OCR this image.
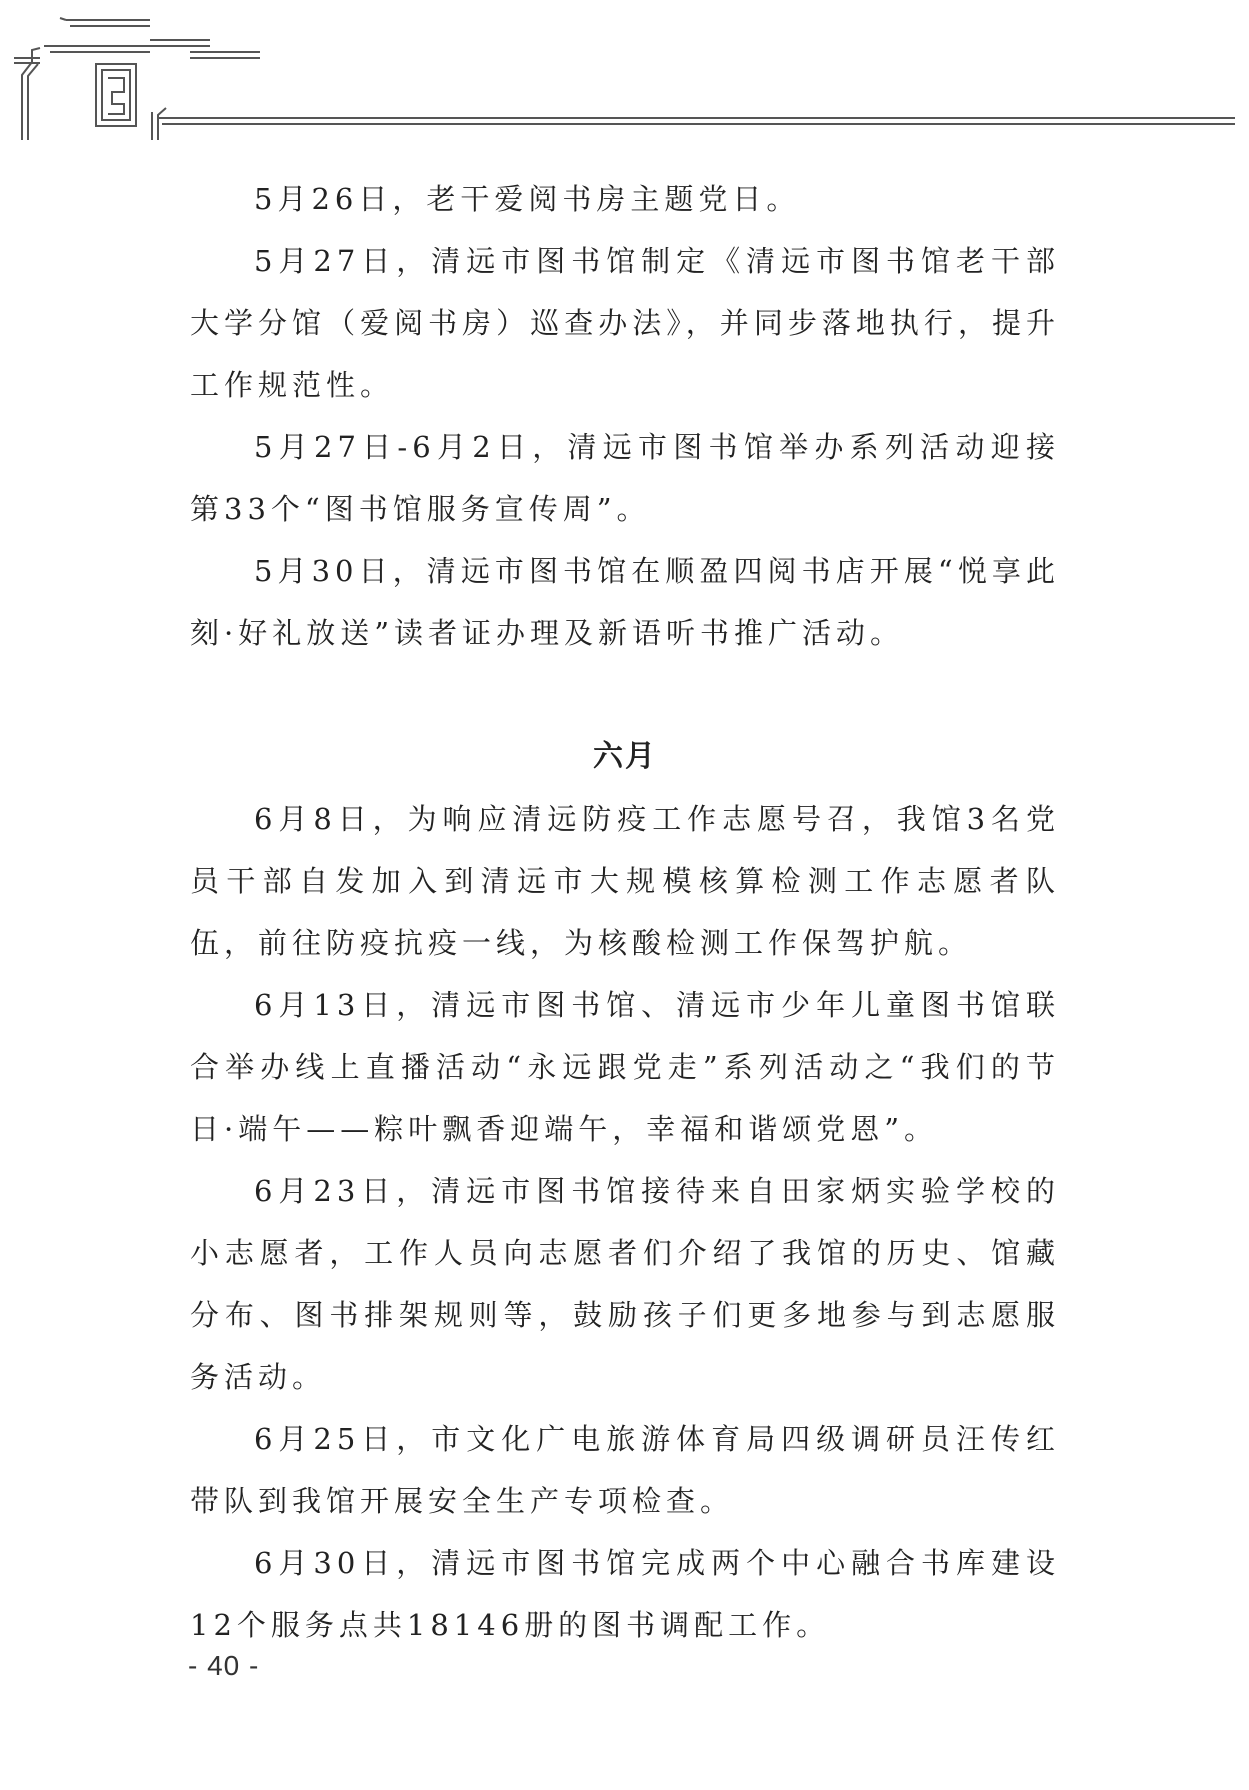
5月26日，老干爱阅书房主题党日。

5月27日，清远市图书馆制定《清远市图书馆老干部大学分馆（爱阅书房）巡查办法》，并同步落地执行，提升工作规范性。

5月27日-6月2日，清远市图书馆举办系列活动迎接第33个“图书馆服务宣传周”。

5月30日，清远市图书馆在顺盈四阅书店开展“悦享此刻·好礼放送”读者证办理及新语听书推广活动。

六月

6月8日，为响应清远防疫工作志愿号召，我馆3名党员干部自发加入到清远市大规模核算检测工作志愿者队伍，前往防疫抗疫一线，为核酸检测工作保驾护航。

6月13日，清远市图书馆、清远市少年儿童图书馆联合举办线上直播活动“永远跟党走”系列活动之“我们的节日·端午——粽叶飘香迎端午，幸福和谐颂党恩”。

6月23日，清远市图书馆接待来自田家炳实验学校的小志愿者，工作人员向志愿者们介绍了我馆的历史、馆藏分布、图书排架规则等，鼓励孩子们更多地参与到志愿服务活动。

6月25日，市文化广电旅游体育局四级调研员汪传红带队到我馆开展安全生产专项检查。

6月30日，清远市图书馆完成两个中心融合书库建设12个服务点共18146册的图书调配工作。

- 40 -
